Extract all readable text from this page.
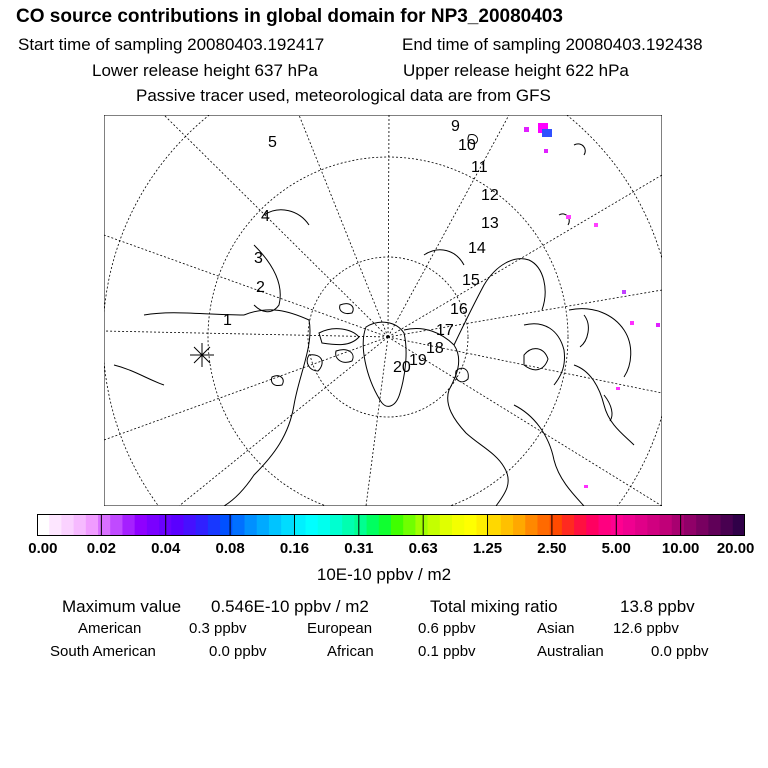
CO source contributions in global domain for NP3_20080403
Start time of sampling 20080403.192417	End time of sampling 20080403.192438
Lower release height 637 hPa	Upper release height 622 hPa
Passive tracer used, meteorological data are from GFS
1
2
3
4
5
9
10
11
12
13
14
15
16
17
18
19
20
0.00 0.02 0.04 0.08 0.16 0.31 0.63 1.25 2.50 5.00 10.00 20.00
10E-10 ppbv / m2
Maximum value 0.546E-10 ppbv / m2	Total mixing ratio	13.8 ppbv
American	0.3 ppbv	European	0.6 ppbv	Asian	12.6 ppbv
South American	0.0 ppbv	African	0.1 ppbv	Australian	0.0 ppbv
